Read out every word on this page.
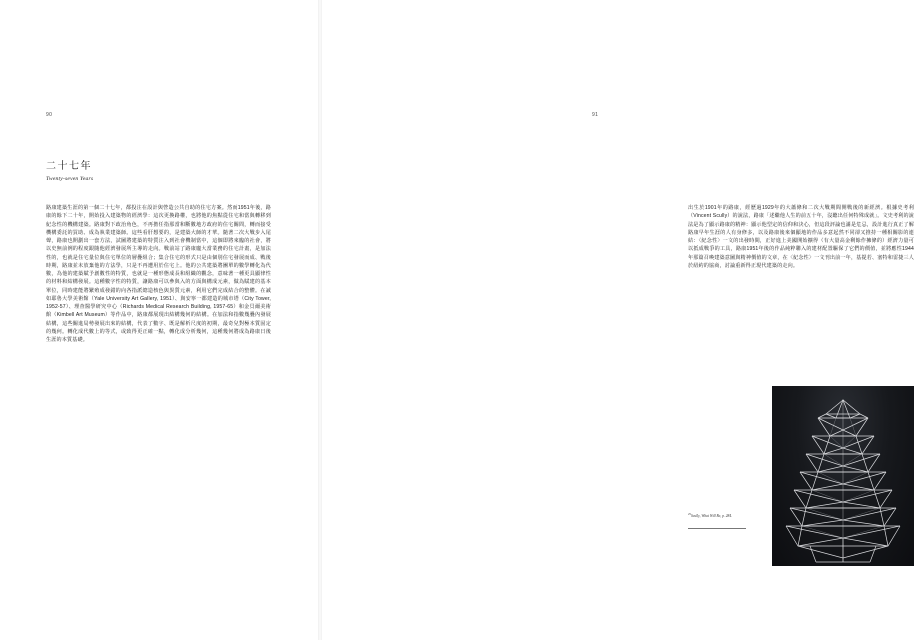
90
二十七年
Twenty-seven Years

路康建築生涯的第一個二十七年，都投注在設計與營造公共自助的住宅方案。然而1951年後，路康的餘下二十年，開始投入建築物的經濟學：這次更換路權，也將他的焦點從住宅和當與轉移到紀念性的機構建築。路康對下政治角色，不再擔任指那當和斷數地方政府的住宅關問，轉而接受機構委託的買助、成為執業建築師。這些看肝想要的，是建築大師的才華。隨著二次大戰步入尾聲，路康也開劃出一套方法，試圖將建築的特質注入到社會機制當中，這個即將來臨的社會，將以史無前例的程度跟隨他經濟發展所主導的走向。戰前站了路康龐大當業務的住宅計畫，是加法性的，也就是住宅量位與住宅單位的層疊組合；集合住宅的形式只是由個別住宅發展而成、戰後時期，路康並未放棄他的方法學，只是不再遭用於住宅上。他的公共建築將團單的數學轉化為代數，為他的建築賦予創數性的特質，也就是一種形態成長和組織的觀念，意味著一種更具顯律性的材料和結構發展。這種數字性的特質，讓路康可以參與入的方面與構成元素，做為賦建的基本單位，同時建能將繁殖成發錯的向各指派總造核色與異質元素，利用它們完成結合的整體。在誠如耶魯大學美術館（Yale University Art Gallery, 1951）、與安寧一都建造的城市塔（City Tower, 1952-57）、理查醫學研究中心（Richards Medical Research Building, 1957-65）和金貝爾美術館（Kimbell Art Museum）等作品中，路康都展現出結構幾何的結構。在加法和指數幾疊內發展結構，這些關進局勢發展出來的結構，代表了數字、既是解析尺度的初期，最奇兒對極本質固定的幾何。轉化成代數上的等式，或致得更正確一點，轉化成分析幾何，這種幾何將成為路康日後生涯的本質基礎。

91

出生於1901年的路康，經歷過1929年的大蕭條和二次大戰期間開戰後的新經濟。根據史考利（Vincent Scully）的說法，路康「述繼他人生的前五十年，沒聽出任何特殊成就」。文史考利的說法是為了顯示路康的精神：顯示他型定的信仰和決心，但這段評論也滿是危忌，設計進行真正了解路康早年生涯的人有身修多，以及路康後來個顯地的作品多意起然不同卻又推持一種相關影的連結：〈紀念性〉一文的出發時間，正好進上美國開始擴得（有大量高金剩餘作擁條的）經濟力量可以抵成戰爭的工具，路康1951年後的作品純粹聯入的建材配置驅保了它們的價值，並將應性1944年那篇召喚建築意圖與精神價值的文章，在〈紀念性〉一文刊出前一年，基提若、塞特和雷捷三人於紐約的協商，討論重新得正現代建築的走向。

$^{25}$Scully, What Will Be, p. 284.
